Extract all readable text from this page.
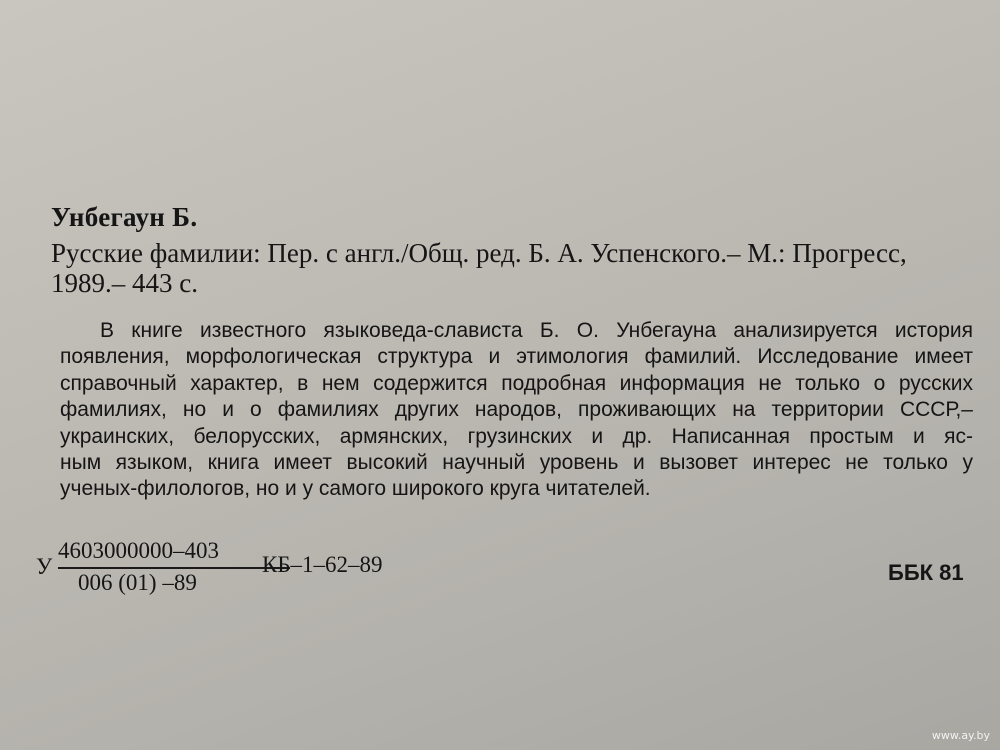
Унбегаун Б.
Русские фамилии: Пер. с англ./Общ. ред. Б. А. Успенского.– М.: Прогресс,
1989.– 443 с.
В книге известного языковеда-слависта Б. О. Унбегауна анализируется история
появления, морфологическая структура и этимология фамилий. Исследование имеет
справочный характер, в нем содержится подробная информация не только о русских
фамилиях, но и о фамилиях других народов, проживающих на территории СССР,–
украинских, белорусских, армянских, грузинских и др. Написанная простым и яс-
ным языком, книга имеет высокий научный уровень и вызовет интерес не только у
ученых-филологов, но и у самого широкого круга читателей.
У
4603000000–403
006 (01) –89
КБ–1–62–89	ББК 81
www.ay.by
